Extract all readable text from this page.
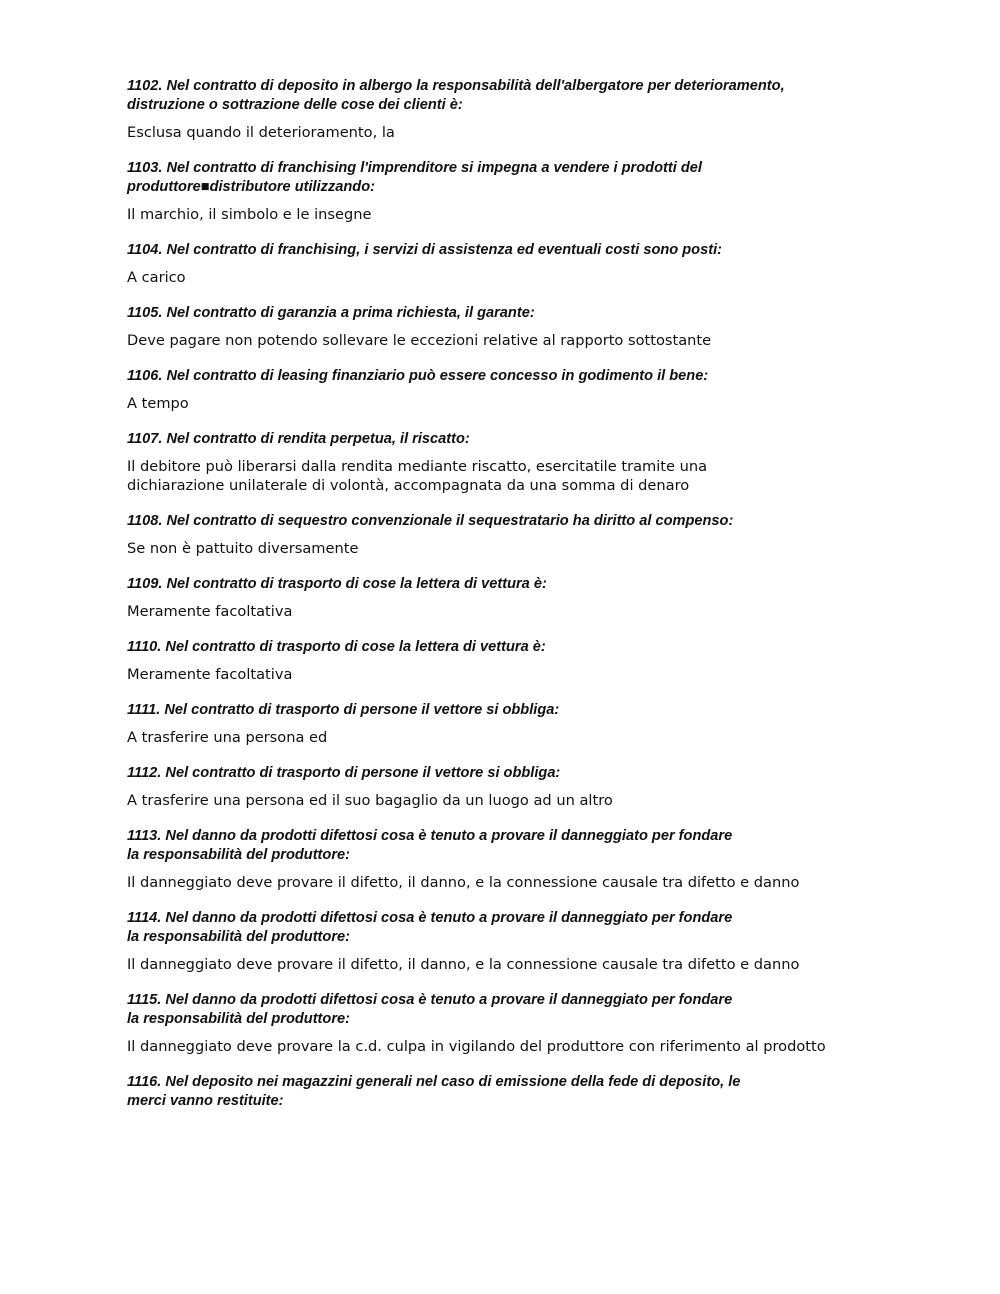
1102. Nel contratto di deposito in albergo la responsabilità dell'albergatore per deterioramento,
distruzione o sottrazione delle cose dei clienti è:
Esclusa quando il deterioramento, la
1103. Nel contratto di franchising l'imprenditore si impegna a vendere i prodotti del
produttore■distributore utilizzando:
Il marchio, il simbolo e le insegne
1104. Nel contratto di franchising, i servizi di assistenza ed eventuali costi sono posti:
A carico
1105. Nel contratto di garanzia a prima richiesta, il garante:
Deve pagare non potendo sollevare le eccezioni relative al rapporto sottostante
1106. Nel contratto di leasing finanziario può essere concesso in godimento il bene:
A tempo
1107. Nel contratto di rendita perpetua, il riscatto:
Il debitore può liberarsi dalla rendita mediante riscatto, esercitatile tramite una
dichiarazione unilaterale di volontà, accompagnata da una somma di denaro
1108. Nel contratto di sequestro convenzionale il sequestratario ha diritto al compenso:
Se non è pattuito diversamente
1109. Nel contratto di trasporto di cose la lettera di vettura è:
Meramente facoltativa
1110. Nel contratto di trasporto di cose la lettera di vettura è:
Meramente facoltativa
1111. Nel contratto di trasporto di persone il vettore si obbliga:
A trasferire una persona ed
1112. Nel contratto di trasporto di persone il vettore si obbliga:
A trasferire una persona ed il suo bagaglio da un luogo ad un altro
1113. Nel danno da prodotti difettosi cosa è tenuto a provare il danneggiato per fondare
la responsabilità del produttore:
Il danneggiato deve provare il difetto, il danno, e la connessione causale tra difetto e danno
1114. Nel danno da prodotti difettosi cosa è tenuto a provare il danneggiato per fondare
la responsabilità del produttore:
Il danneggiato deve provare il difetto, il danno, e la connessione causale tra difetto e danno
1115. Nel danno da prodotti difettosi cosa è tenuto a provare il danneggiato per fondare
la responsabilità del produttore:
Il danneggiato deve provare la c.d. culpa in vigilando del produttore con riferimento al prodotto
1116. Nel deposito nei magazzini generali nel caso di emissione della fede di deposito, le
merci vanno restituite:
